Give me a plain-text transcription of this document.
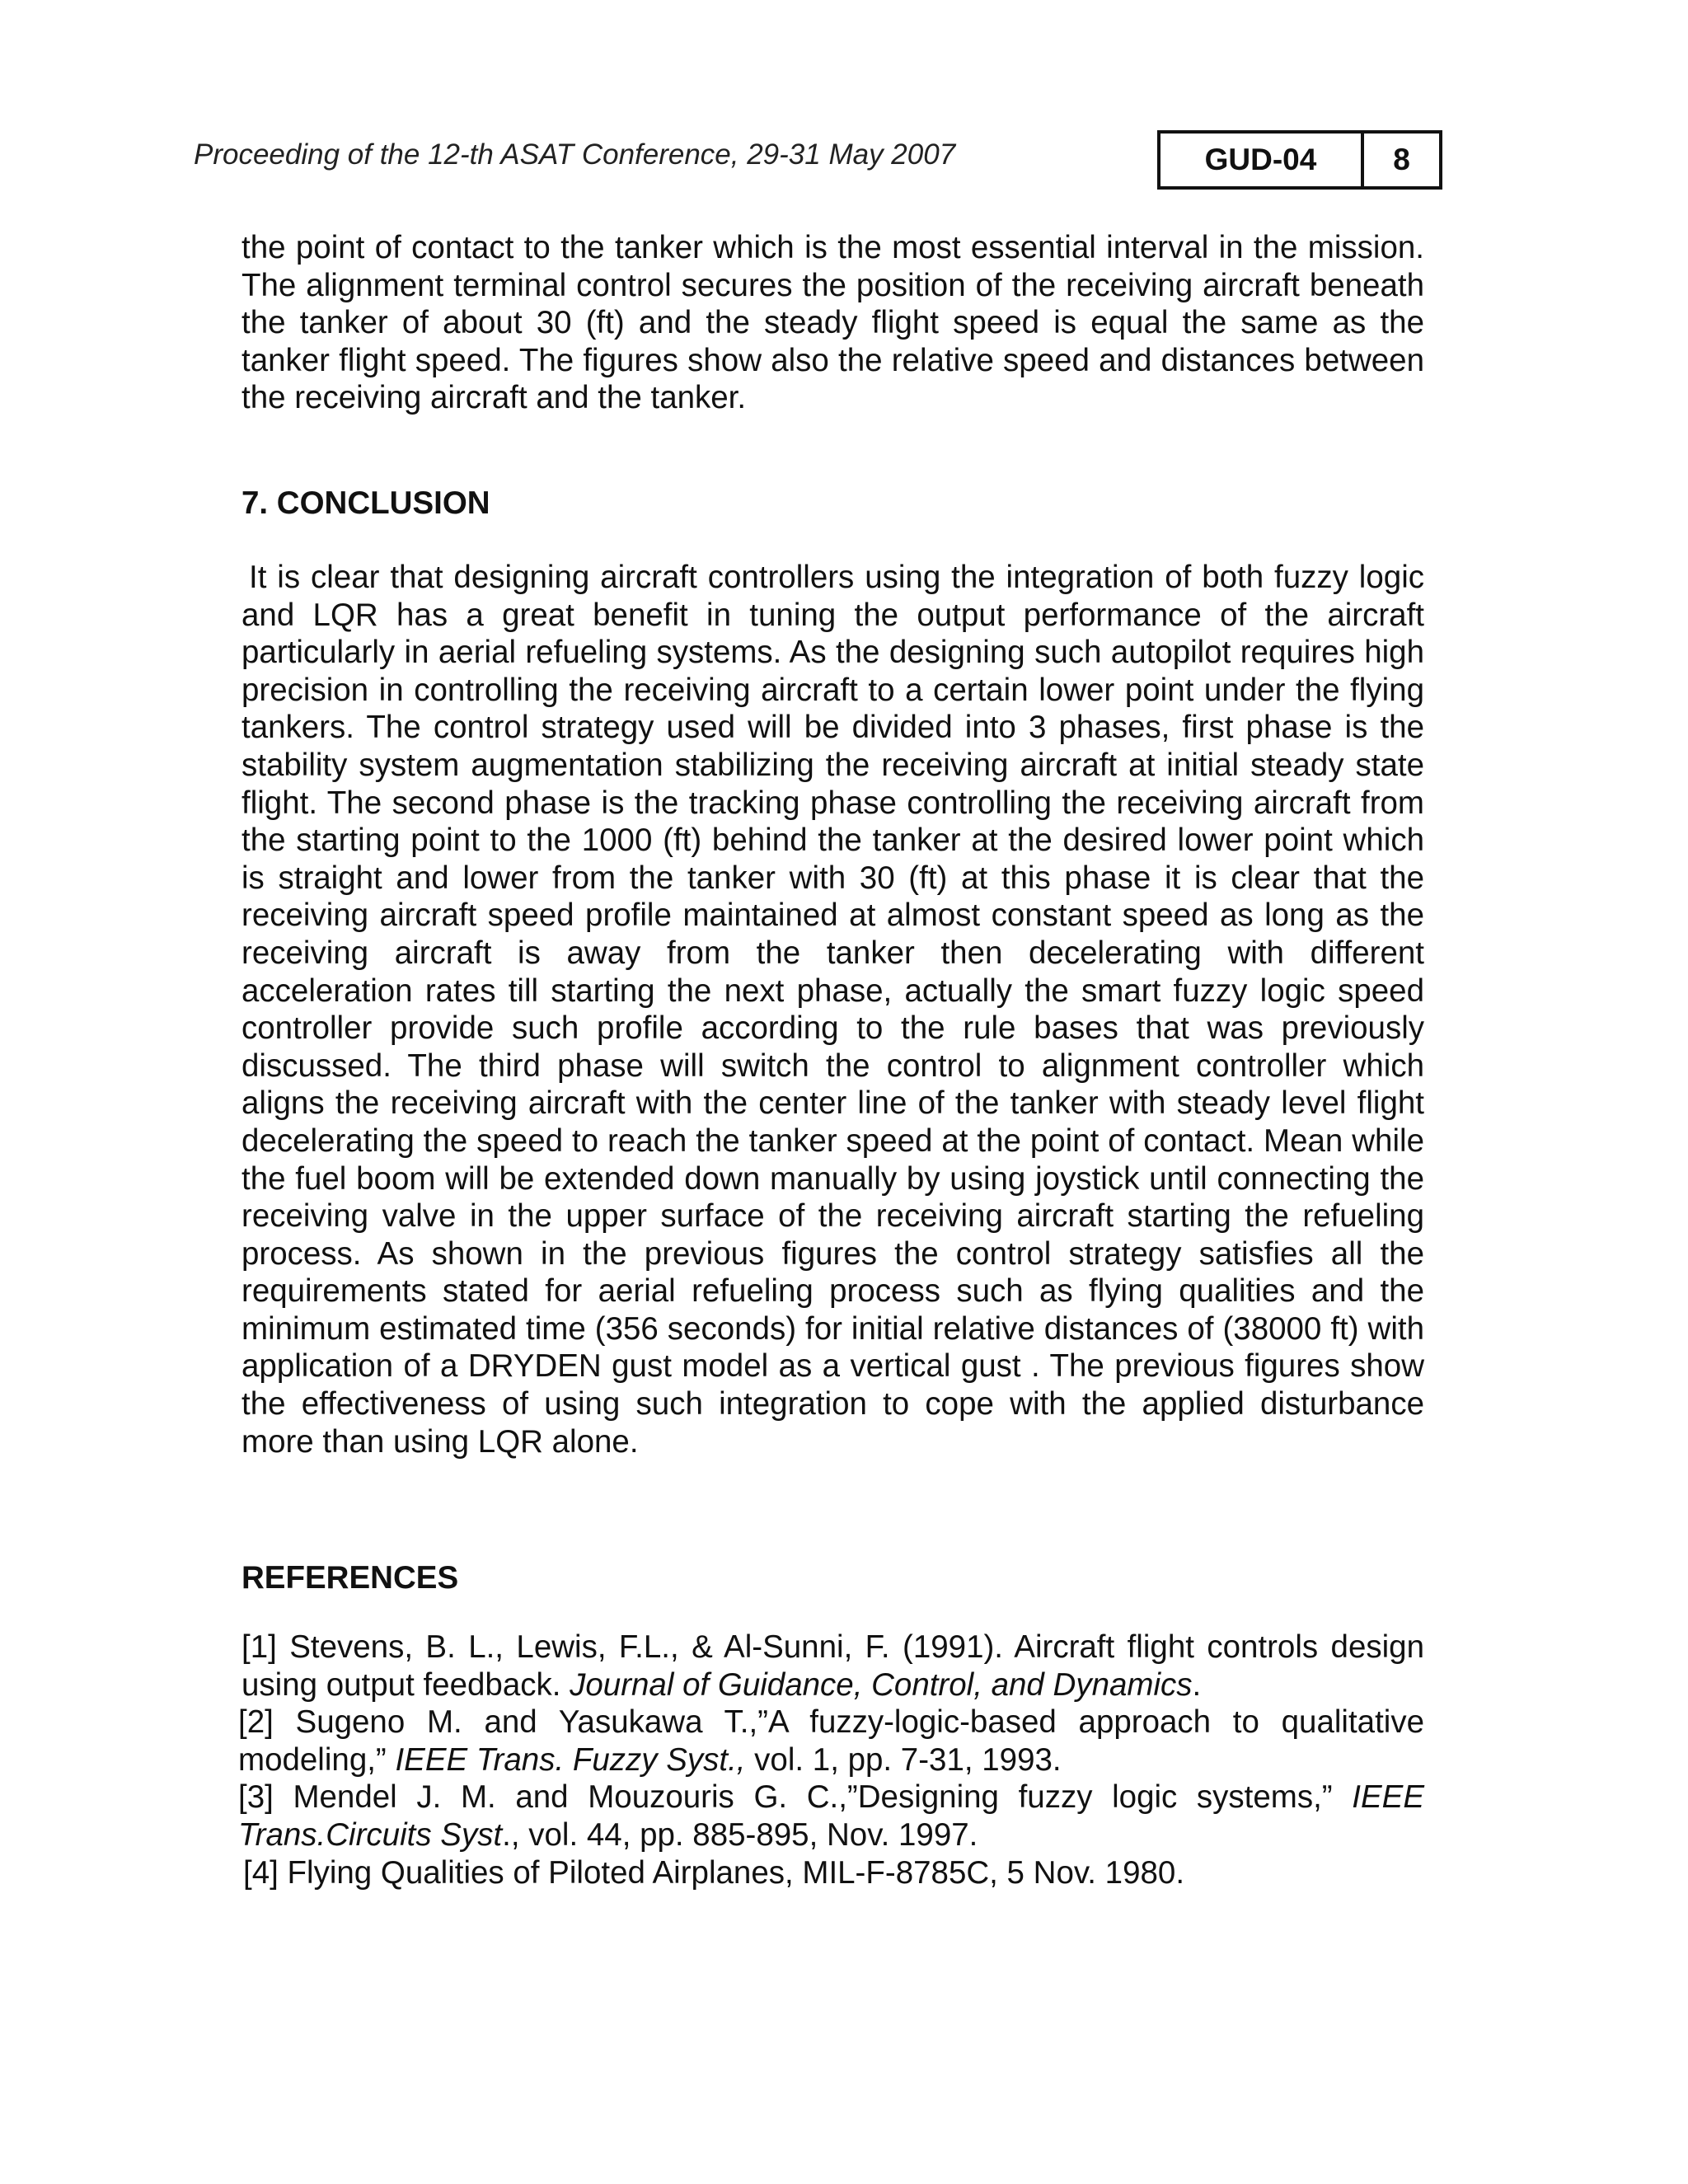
Proceeding of the 12-th ASAT Conference, 29-31 May 2007	GUD-04	8

the point of contact to the tanker which is the most essential interval in the mission. The alignment terminal control secures the position of the receiving aircraft beneath the tanker of about 30 (ft) and the steady flight speed is equal the same as the tanker flight speed. The figures show also the relative speed and distances between the receiving aircraft and the tanker.

7. CONCLUSION

It is clear that designing aircraft controllers using the integration of both fuzzy logic and LQR has a great benefit in tuning the output performance of the aircraft particularly in aerial refueling systems. As the designing such autopilot requires high precision in controlling the receiving aircraft to a certain lower point under the flying tankers. The control strategy used will be divided into 3 phases, first phase is the stability system augmentation stabilizing the receiving aircraft at initial steady state flight. The second phase is the tracking phase controlling the receiving aircraft from the starting point to the 1000 (ft) behind the tanker at the desired lower point which is straight and lower from the tanker with 30 (ft) at this phase it is clear that the receiving aircraft speed profile maintained at almost constant speed as long as the receiving aircraft is away from the tanker then decelerating with different acceleration rates till starting the next phase, actually the smart fuzzy logic speed controller provide such profile according to the rule bases that was previously discussed. The third phase will switch the control to alignment controller which aligns the receiving aircraft with the center line of the tanker with steady level flight decelerating the speed to reach the tanker speed at the point of contact. Mean while the fuel boom will be extended down manually by using joystick until connecting the receiving valve in the upper surface of the receiving aircraft starting the refueling process. As shown in the previous figures the control strategy satisfies all the requirements stated for aerial refueling process such as flying qualities and the minimum estimated time (356 seconds) for initial relative distances of (38000 ft) with application of a DRYDEN gust model as a vertical gust . The previous figures show the effectiveness of using such integration to cope with the applied disturbance more than using LQR alone.

REFERENCES

[1] Stevens, B. L., Lewis, F.L., & Al-Sunni, F. (1991). Aircraft flight controls design using output feedback. Journal of Guidance, Control, and Dynamics.

[2] Sugeno M. and Yasukawa T.,”A fuzzy-logic-based approach to qualitative modeling,” IEEE Trans. Fuzzy Syst., vol. 1, pp. 7-31, 1993.

[3] Mendel J. M. and Mouzouris G. C.,”Designing fuzzy logic systems,” IEEE Trans.Circuits Syst., vol. 44, pp. 885-895, Nov. 1997.

[4] Flying Qualities of Piloted Airplanes, MIL-F-8785C, 5 Nov. 1980.
